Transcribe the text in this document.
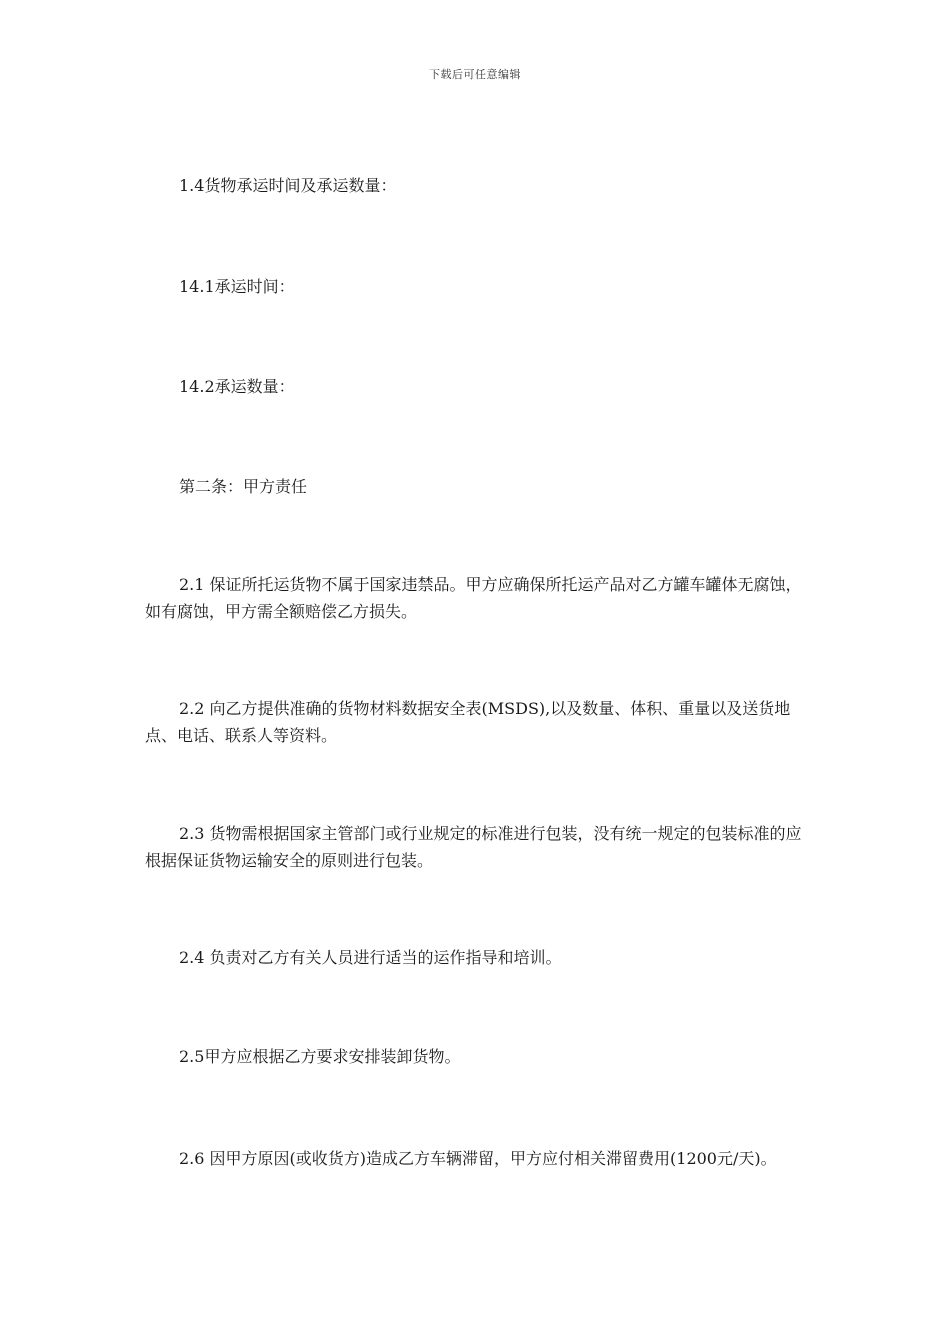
下载后可任意编辑

1.4货物承运时间及承运数量：

14.1承运时间：

14.2承运数量：

第二条：甲方责任

2.1 保证所托运货物不属于国家违禁品。甲方应确保所托运产品对乙方罐车罐体无腐蚀，如有腐蚀，甲方需全额赔偿乙方损失。

2.2 向乙方提供准确的货物材料数据安全表(MSDS),以及数量、体积、重量以及送货地点、电话、联系人等资料。

2.3 货物需根据国家主管部门或行业规定的标准进行包装，没有统一规定的包装标准的应根据保证货物运输安全的原则进行包装。

2.4 负责对乙方有关人员进行适当的运作指导和培训。

2.5甲方应根据乙方要求安排装卸货物。

2.6 因甲方原因(或收货方)造成乙方车辆滞留，甲方应付相关滞留费用(1200元/天)。
